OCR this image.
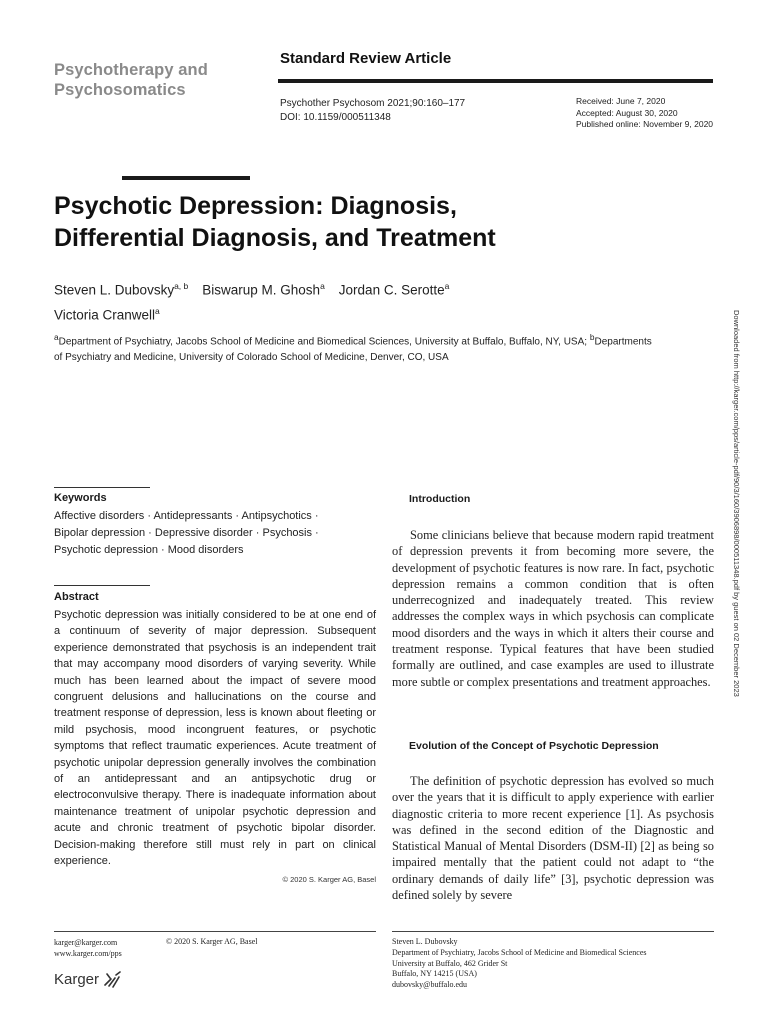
Psychotherapy and
Psychosomatics
Standard Review Article
Psychother Psychosom 2021;90:160–177
DOI: 10.1159/000511348
Received: June 7, 2020
Accepted: August 30, 2020
Published online: November 9, 2020
Psychotic Depression: Diagnosis,
Differential Diagnosis, and Treatment
Steven L. Dubovsky$^{a, b}$ Biswarup M. Ghosh$^a$ Jordan C. Serotte$^a$
Victoria Cranwell$^a$
$^a$Department of Psychiatry, Jacobs School of Medicine and Biomedical Sciences, University at Buffalo, Buffalo, NY, USA; $^b$Departments of Psychiatry and Medicine, University of Colorado School of Medicine, Denver, CO, USA	Downloaded from http://karger.com/pps/article-pdf/90/3/160/3906898/000511348.pdf by guest on 02 December 2023
Keywords
Affective disorders · Antidepressants · Antipsychotics · Bipolar depression · Depressive disorder · Psychosis · Psychotic depression · Mood disorders
Abstract
Psychotic depression was initially considered to be at one end of a continuum of severity of major depression. Subsequent experience demonstrated that psychosis is an independent trait that may accompany mood disorders of varying severity. While much has been learned about the impact of severe mood congruent delusions and hallucinations on the course and treatment response of depression, less is known about fleeting or mild psychosis, mood incongruent features, or psychotic symptoms that reflect traumatic experiences. Acute treatment of psychotic unipolar depression generally involves the combination of an antidepressant and an antipsychotic drug or electroconvulsive therapy. There is inadequate information about maintenance treatment of unipolar psychotic depression and acute and chronic treatment of psychotic bipolar disorder. Decision-making therefore still must rely in part on clinical experience.
© 2020 S. Karger AG, Basel
Introduction
Some clinicians believe that because modern rapid treatment of depression prevents it from becoming more severe, the development of psychotic features is now rare. In fact, psychotic depression remains a common condition that is often underrecognized and inadequately treated. This review addresses the complex ways in which psychosis can complicate mood disorders and the ways in which it alters their course and treatment response. Typical features that have been studied formally are outlined, and case examples are used to illustrate more subtle or complex presentations and treatment approaches.
Evolution of the Concept of Psychotic Depression
The definition of psychotic depression has evolved so much over the years that it is difficult to apply experience with earlier diagnostic criteria to more recent experience [1]. As psychosis was defined in the second edition of the Diagnostic and Statistical Manual of Mental Disorders (DSM-II) [2] as being so impaired mentally that the patient could not adapt to “the ordinary demands of daily life” [3], psychotic depression was defined solely by severe
karger@karger.com
www.karger.com/pps
© 2020 S. Karger AG, Basel
Karger
Steven L. Dubovsky
Department of Psychiatry, Jacobs School of Medicine and Biomedical Sciences
University at Buffalo, 462 Grider St
Buffalo, NY 14215 (USA)
dubovsky@buffalo.edu
